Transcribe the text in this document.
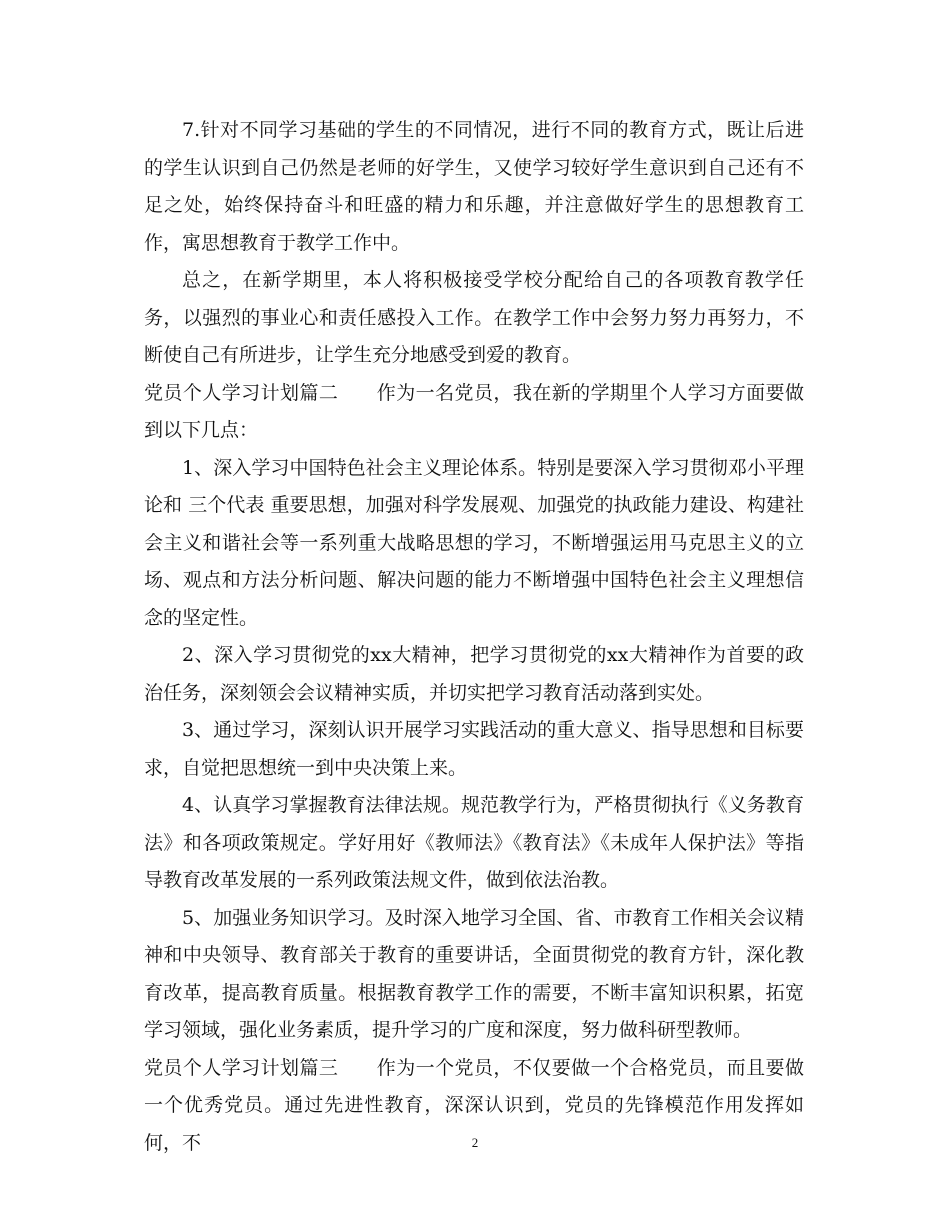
7.针对不同学习基础的学生的不同情况，进行不同的教育方式，既让后进的学生认识到自己仍然是老师的好学生，又使学习较好学生意识到自己还有不足之处，始终保持奋斗和旺盛的精力和乐趣，并注意做好学生的思想教育工作，寓思想教育于教学工作中。

总之，在新学期里，本人将积极接受学校分配给自己的各项教育教学任务，以强烈的事业心和责任感投入工作。在教学工作中会努力努力再努力，不断使自己有所进步，让学生充分地感受到爱的教育。

党员个人学习计划篇二 作为一名党员，我在新的学期里个人学习方面要做到以下几点：

1、深入学习中国特色社会主义理论体系。特别是要深入学习贯彻邓小平理论和 三个代表 重要思想，加强对科学发展观、加强党的执政能力建设、构建社会主义和谐社会等一系列重大战略思想的学习，不断增强运用马克思主义的立场、观点和方法分析问题、解决问题的能力不断增强中国特色社会主义理想信念的坚定性。

2、深入学习贯彻党的xx大精神，把学习贯彻党的xx大精神作为首要的政治任务，深刻领会会议精神实质，并切实把学习教育活动落到实处。

3、通过学习，深刻认识开展学习实践活动的重大意义、指导思想和目标要求，自觉把思想统一到中央决策上来。

4、认真学习掌握教育法律法规。规范教学行为，严格贯彻执行《义务教育法》和各项政策规定。学好用好《教师法》《教育法》《未成年人保护法》等指导教育改革发展的一系列政策法规文件，做到依法治教。

5、加强业务知识学习。及时深入地学习全国、省、市教育工作相关会议精神和中央领导、教育部关于教育的重要讲话，全面贯彻党的教育方针，深化教育改革，提高教育质量。根据教育教学工作的需要，不断丰富知识积累，拓宽学习领域，强化业务素质，提升学习的广度和深度，努力做科研型教师。

党员个人学习计划篇三 作为一个党员，不仅要做一个合格党员，而且要做一个优秀党员。通过先进性教育，深深认识到，党员的先锋模范作用发挥如何，不	2
